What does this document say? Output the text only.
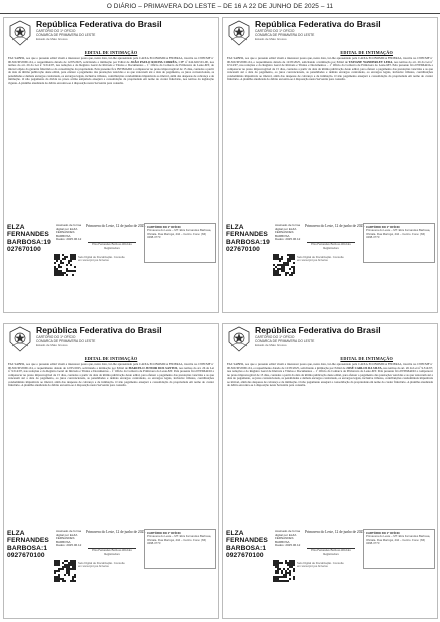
O DIÁRIO – PRIMAVERA DO LESTE – DE 16 A 22 DE JUNHO DE 2025 – 11
República Federativa do Brasil
CARTÓRIO DO 1º OFÍCIO
COMARCA DE PRIMAVERA DO LESTE
Estado de Mato Grosso
EDITAL DE INTIMAÇÃO
FAZ SABER, aos que o presente edital virem e interessar possa que, nesta data, foi-lhe apresentado pela CAIXA ECONÔMICA FEDERAL, inscrita no CNPJ/MF nº 00.360.305/0001-04, o requerimento datado de 12/05/2025, solicitando a intimação por Edital de JOÃO PAULO ROCHA CORRÊA, CPF nº 642.620.591-00, nos termos do art. 26 da Lei nº 9.514/97, nas redações e do Registro Geral de Imóveis e Títulos e Documentos – 1º Ofício da Comarca de Primavera do Leste-MT, do imóvel objeto da garantia fiduciária e da consolidação da propriedade. Pela presente fica INTIMADO a comparecer no prazo improrrogável de 15 dias, contados a partir da data da última publicação deste edital, para efetuar o pagamento das prestações vencidas e as que vencerem até a data do pagamento, os juros convencionais, as penalidades e demais encargos contratuais, os encargos legais, inclusive tributos, contribuições condominiais imputáveis ao imóvel, além das despesas de cobrança e de intimação. O não pagamento da dívida no prazo acima estipulado ensejará a consolidação da propriedade em nome do credor fiduciário, nos termos da legislação vigente. A planilha atualizada do débito encontra-se à disposição nesta Serventia para consulta.
ELZA
FERNANDES
BARBOSA:19
027670100
Assinado de forma digital por ELZA FERNANDES BARBOSA
Dados: 2025.06.12
Primavera do Leste, 12 de junho de 2025.
Elza Fernandes Barbosa Oficiala Registradora
CARTÓRIO DO 1º OFÍCIO
Primavera do Leste – MT. Elza Fernandes Barbosa, Oficiala. Rua Maringá, 444 – Centro. Fone: (66) 3498-3773
Selo Digital de Fiscalização. Consulte em www.tjmt.jus.br/selos
República Federativa do Brasil
CARTÓRIO DO 1º OFÍCIO
COMARCA DE PRIMAVERA DO LESTE
Estado de Mato Grosso
EDITAL DE INTIMAÇÃO
FAZ SABER, aos que o presente edital virem e interessar possa que, nesta data, foi-lhe apresentado pela CAIXA ECONÔMICA FEDERAL, inscrita no CNPJ/MF nº 00.360.305/0001-04, o requerimento datado de 12/05/2025, solicitando a intimação por Edital de TATIANE WANDERLEY LEDA, nos termos do art. 26 da Lei nº 9.514/97, nas redações e do Registro Geral de Imóveis e Títulos e Documentos – 1º Ofício da Comarca de Primavera do Leste-MT. Pela presente fica INTIMADA a comparecer no prazo improrrogável de 15 dias, contados a partir da data da última publicação deste edital, para efetuar o pagamento das prestações vencidas e as que vencerem até a data do pagamento, os juros convencionais, as penalidades e demais encargos contratuais, os encargos legais, inclusive tributos, contribuições condominiais imputáveis ao imóvel, além das despesas de cobrança e de intimação. O não pagamento ensejará a consolidação da propriedade em nome do credor fiduciário. A planilha atualizada do débito encontra-se à disposição nesta Serventia para consulta.
ELZA
FERNANDES
BARBOSA:19
027670100
Assinado de forma digital por ELZA FERNANDES BARBOSA
Dados: 2025.06.12
Primavera do Leste, 12 de junho de 2025.
Elza Fernandes Barbosa Oficiala Registradora
CARTÓRIO DO 1º OFÍCIO
Primavera do Leste – MT. Elza Fernandes Barbosa, Oficiala. Rua Maringá, 444 – Centro. Fone: (66) 3498-3773
Selo Digital de Fiscalização. Consulte em www.tjmt.jus.br/selos
República Federativa do Brasil
CARTÓRIO DO 1º OFÍCIO
COMARCA DE PRIMAVERA DO LESTE
Estado de Mato Grosso
EDITAL DE INTIMAÇÃO
FAZ SABER, aos que o presente edital virem e interessar possa que, nesta data, foi-lhe apresentado pela CAIXA ECONÔMICA FEDERAL, inscrita no CNPJ/MF nº 00.360.305/0001-04, o requerimento datado de 12/05/2025, solicitando a intimação por Edital de MARCELO JUNIOR DOS SANTOS, nos termos do art. 26 da Lei nº 9.514/97, nas redações e do Registro Geral de Imóveis e Títulos e Documentos – 1º Ofício da Comarca de Primavera do Leste-MT. Pela presente fica INTIMADO a comparecer no prazo improrrogável de 15 dias, contados a partir da data da última publicação deste edital, para efetuar o pagamento das prestações vencidas e as que vencerem até a data do pagamento, os juros convencionais, as penalidades e demais encargos contratuais, os encargos legais, inclusive tributos, contribuições condominiais imputáveis ao imóvel, além das despesas de cobrança e de intimação. O não pagamento ensejará a consolidação da propriedade em nome do credor fiduciário. A planilha atualizada do débito encontra-se à disposição nesta Serventia para consulta.
ELZA
FERNANDES
BARBOSA:1
0927670100
Assinado de forma digital por ELZA FERNANDES BARBOSA
Dados: 2025.06.12
Primavera do Leste, 12 de junho de 2025.
Elza Fernandes Barbosa Oficiala Registradora
CARTÓRIO DO 1º OFÍCIO
Primavera do Leste – MT. Elza Fernandes Barbosa, Oficiala. Rua Maringá, 444 – Centro. Fone: (66) 3498-3773
Selo Digital de Fiscalização. Consulte em www.tjmt.jus.br/selos
República Federativa do Brasil
CARTÓRIO DO 1º OFÍCIO
COMARCA DE PRIMAVERA DO LESTE
Estado de Mato Grosso
EDITAL DE INTIMAÇÃO
FAZ SABER, aos que o presente edital virem e interessar possa que, nesta data, foi-lhe apresentado pela CAIXA ECONÔMICA FEDERAL, inscrita no CNPJ/MF nº 00.360.305/0001-04, o requerimento datado de 12/05/2025, solicitando a intimação por Edital de JOSÉ CARLOS DA SILVA, nos termos do art. 26 da Lei nº 9.514/97, nas redações e do Registro Geral de Imóveis e Títulos e Documentos – 1º Ofício da Comarca de Primavera do Leste-MT. Pela presente fica INTIMADO a comparecer no prazo improrrogável de 15 dias, contados a partir da data da última publicação deste edital, para efetuar o pagamento das prestações vencidas e as que vencerem até a data do pagamento, os juros convencionais, as penalidades e demais encargos contratuais, os encargos legais, inclusive tributos, contribuições condominiais imputáveis ao imóvel, além das despesas de cobrança e de intimação. O não pagamento ensejará a consolidação da propriedade em nome do credor fiduciário. A planilha atualizada do débito encontra-se à disposição nesta Serventia para consulta.
ELZA
FERNANDES
BARBOSA:1
0927670100
Assinado de forma digital por ELZA FERNANDES BARBOSA
Dados: 2025.06.12
Primavera do Leste, 12 de junho de 2025.
Elza Fernandes Barbosa Oficiala Registradora
CARTÓRIO DO 1º OFÍCIO
Primavera do Leste – MT. Elza Fernandes Barbosa, Oficiala. Rua Maringá, 444 – Centro. Fone: (66) 3498-3773
Selo Digital de Fiscalização. Consulte em www.tjmt.jus.br/selos
